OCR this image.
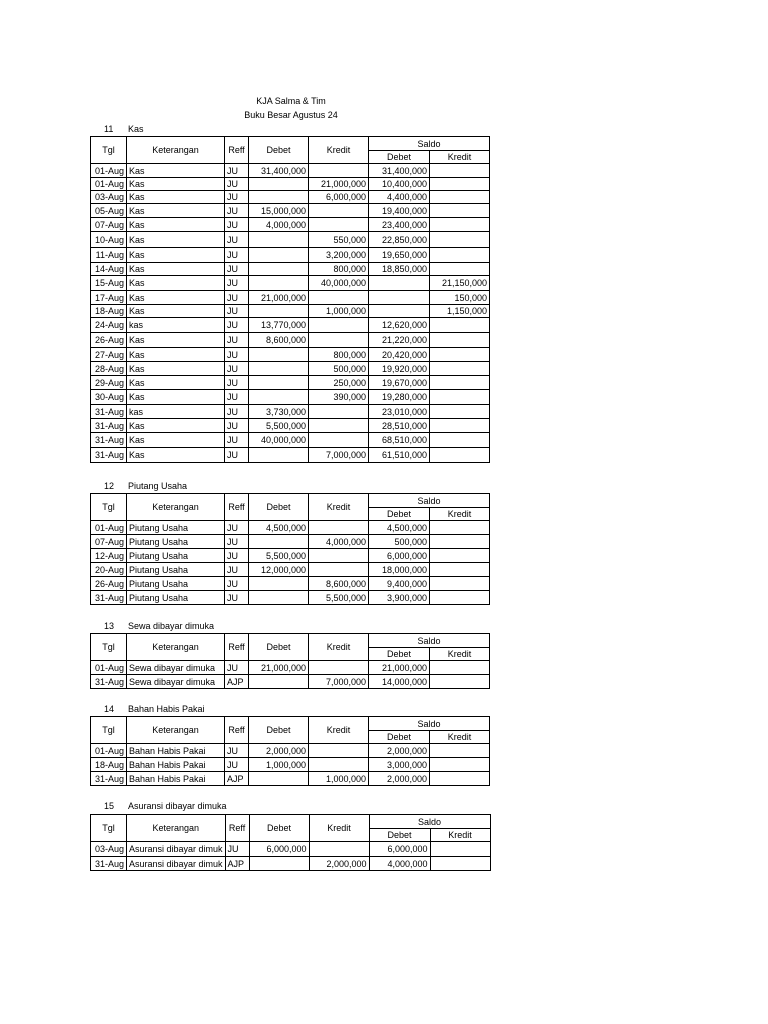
KJA Salma & Tim
Buku Besar Agustus 24
11 Kas
Tgl	Keterangan	Reff	Debet	Kredit	Saldo	
					Debet	Kredit
01-Aug	Kas	JU	31,400,000		31,400,000	
01-Aug	Kas	JU		21,000,000	10,400,000	
03-Aug	Kas	JU		6,000,000	4,400,000	
05-Aug	Kas	JU	15,000,000		19,400,000	
07-Aug	Kas	JU	4,000,000		23,400,000	
10-Aug	Kas	JU		550,000	22,850,000	
11-Aug	Kas	JU		3,200,000	19,650,000	
14-Aug	Kas	JU		800,000	18,850,000	
15-Aug	Kas	JU		40,000,000		21,150,000
17-Aug	Kas	JU	21,000,000			150,000
18-Aug	Kas	JU		1,000,000		1,150,000
24-Aug	kas	JU	13,770,000		12,620,000	
26-Aug	Kas	JU	8,600,000		21,220,000	
27-Aug	Kas	JU		800,000	20,420,000	
28-Aug	Kas	JU		500,000	19,920,000	
29-Aug	Kas	JU		250,000	19,670,000	
30-Aug	Kas	JU		390,000	19,280,000	
31-Aug	kas	JU	3,730,000		23,010,000	
31-Aug	Kas	JU	5,500,000		28,510,000	
31-Aug	Kas	JU	40,000,000		68,510,000	
31-Aug	Kas	JU		7,000,000	61,510,000	
12 Piutang Usaha
Tgl	Keterangan	Reff	Debet	Kredit	Saldo	
					Debet	Kredit
01-Aug	Piutang Usaha	JU	4,500,000		4,500,000	
07-Aug	Piutang Usaha	JU		4,000,000	500,000	
12-Aug	Piutang Usaha	JU	5,500,000		6,000,000	
20-Aug	Piutang Usaha	JU	12,000,000		18,000,000	
26-Aug	Piutang Usaha	JU		8,600,000	9,400,000	
31-Aug	Piutang Usaha	JU		5,500,000	3,900,000	
13 Sewa dibayar dimuka
Tgl	Keterangan	Reff	Debet	Kredit	Saldo	
					Debet	Kredit
01-Aug	Sewa dibayar dimuka	JU	21,000,000		21,000,000	
31-Aug	Sewa dibayar dimuka	AJP		7,000,000	14,000,000	
14 Bahan Habis Pakai
Tgl	Keterangan	Reff	Debet	Kredit	Saldo	
					Debet	Kredit
01-Aug	Bahan Habis Pakai	JU	2,000,000		2,000,000	
18-Aug	Bahan Habis Pakai	JU	1,000,000		3,000,000	
31-Aug	Bahan Habis Pakai	AJP		1,000,000	2,000,000	
15 Asuransi dibayar dimuka
Tgl	Keterangan	Reff	Debet	Kredit	Saldo	
					Debet	Kredit
03-Aug	Asuransi dibayar dimuk	JU	6,000,000		6,000,000	
31-Aug	Asuransi dibayar dimuk	AJP		2,000,000	4,000,000	
